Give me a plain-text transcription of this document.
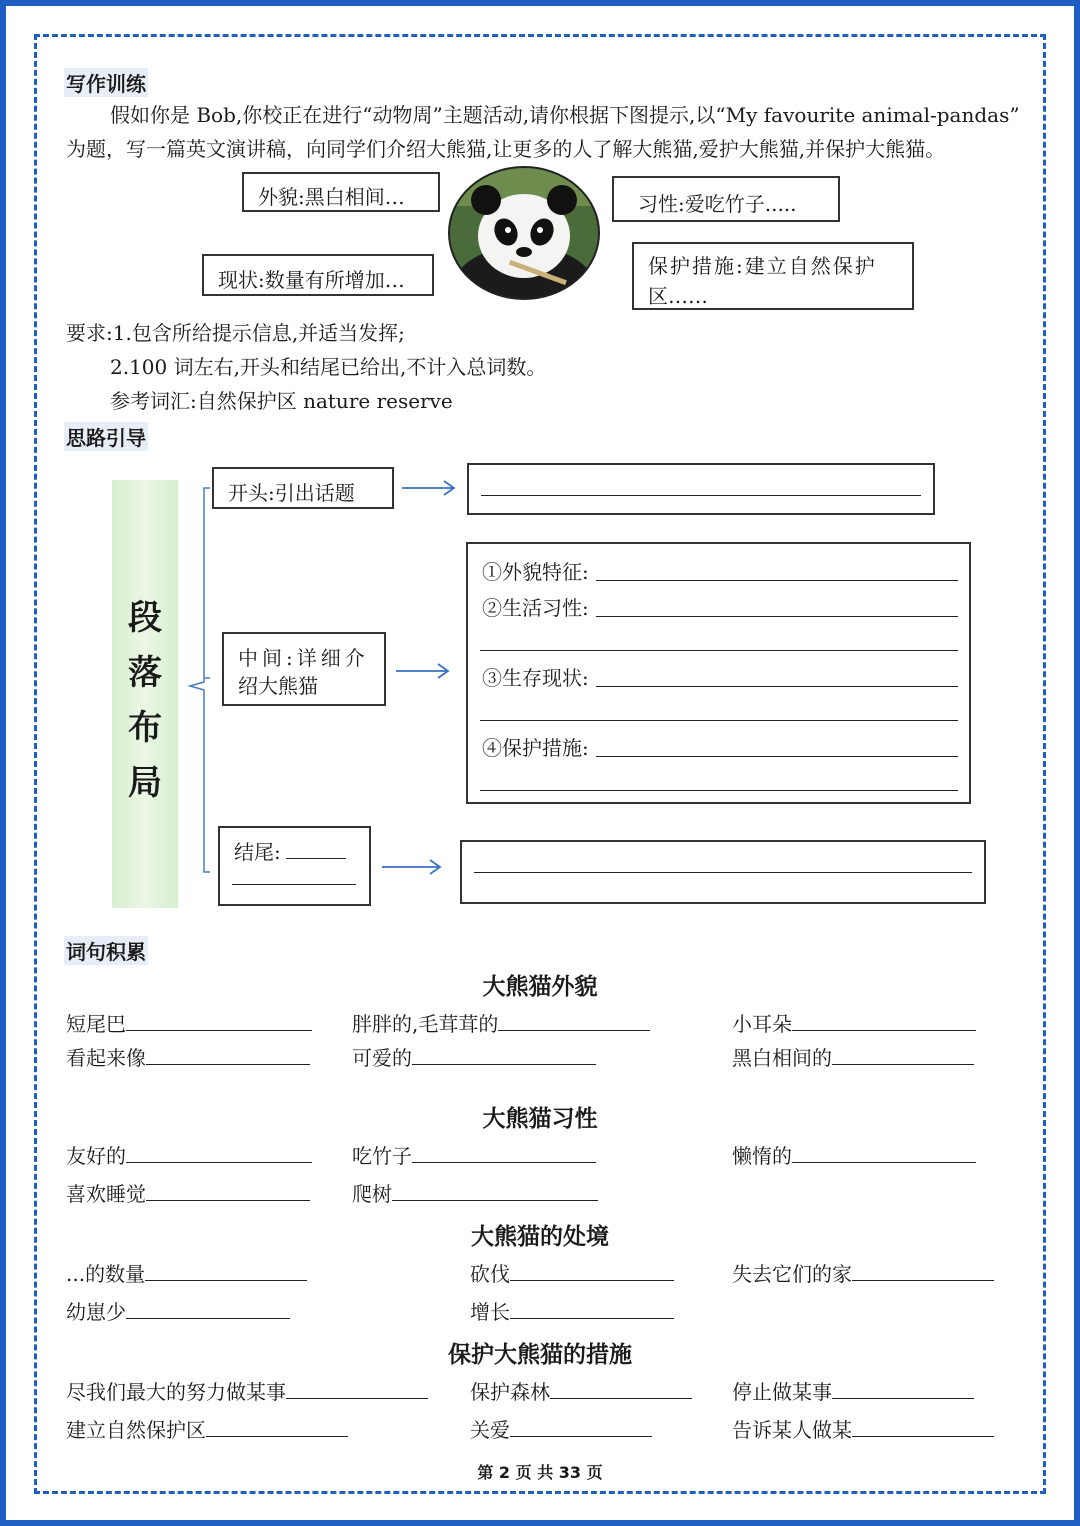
写作训练
假如你是 Bob,你校正在进行“动物周”主题活动,请你根据下图提示,以“My favourite animal-pandas”
为题，写一篇英文演讲稿，向同学们介绍大熊猫,让更多的人了解大熊猫,爱护大熊猫,并保护大熊猫。
外貌:黑白相间…	习性:爱吃竹子.....
现状:数量有所增加…
保护措施:建立自然保护
区……
要求:1.包含所给提示信息,并适当发挥;
2.100 词左右,开头和结尾已给出,不计入总词数。
参考词汇:自然保护区 nature reserve
思路引导
段
落
布
局
开头:引出话题
中间:详细介
绍大熊猫
①外貌特征:
②生活习性:
③生存现状:
④保护措施:
结尾:
词句积累
大熊猫外貌
短尾巴	胖胖的,毛茸茸的	小耳朵
看起来像	可爱的	黑白相间的
大熊猫习性
友好的	吃竹子	懒惰的
喜欢睡觉	爬树
大熊猫的处境
...的数量	砍伐	失去它们的家
幼崽少	增长
保护大熊猫的措施
尽我们最大的努力做某事	保护森林	停止做某事
建立自然保护区	关爱	告诉某人做某
第 2 页 共 33 页
